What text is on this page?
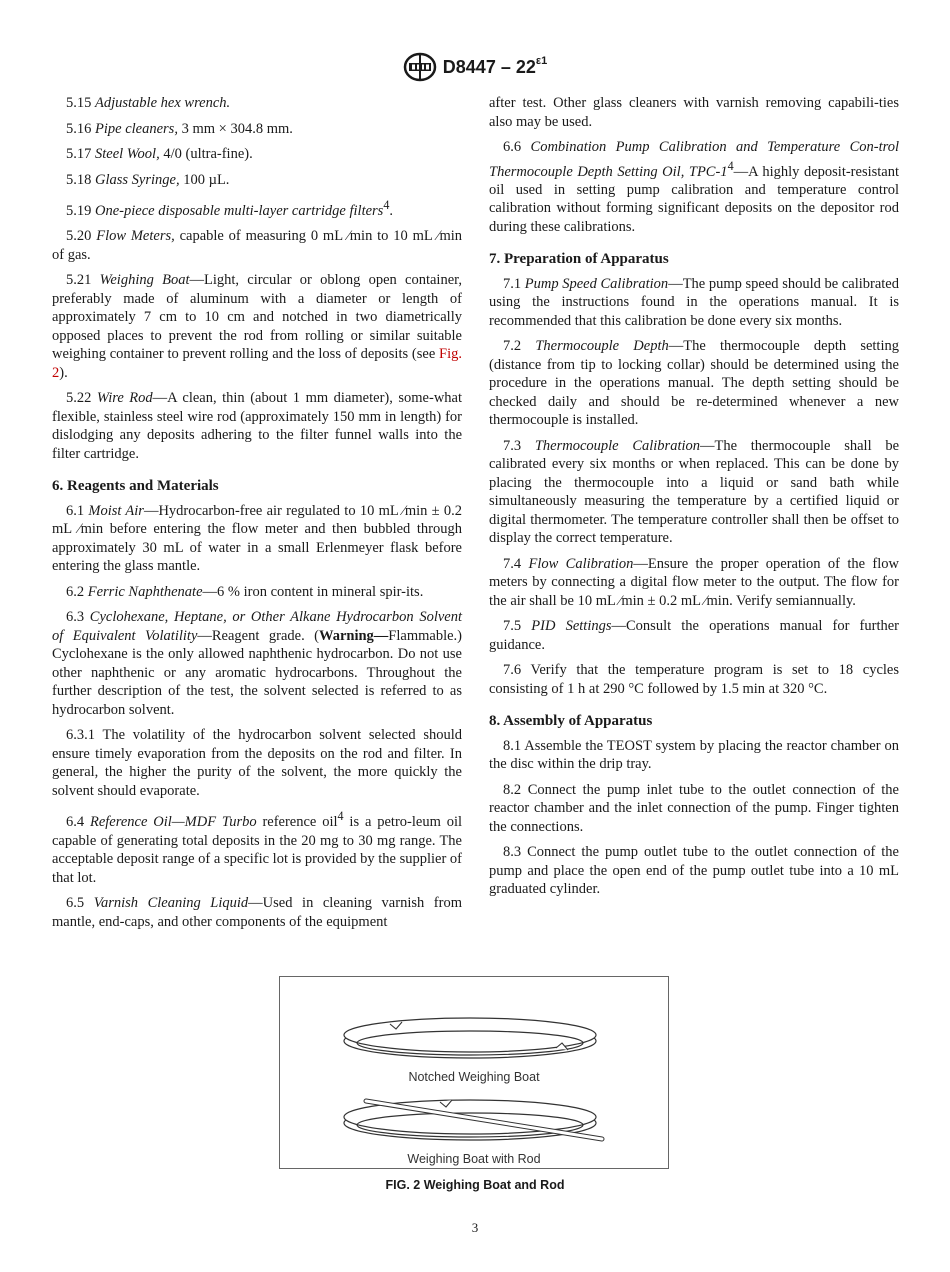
$D8447 - 22^{\varepsilon 1}$

5.15 Adjustable hex wrench.

5.16 Pipe cleaners, 3 mm × 304.8 mm.

5.17 Steel Wool, 4/0 (ultra-fine).

5.18 Glass Syringe, 100 µL.

5.19 One-piece disposable multi-layer cartridge filters$^4$.

5.20 Flow Meters, capable of measuring 0 mL ⁄min to 10 mL ⁄min of gas.

5.21 Weighing Boat—Light, circular or oblong open container, preferably made of aluminum with a diameter or length of approximately 7 cm to 10 cm and notched in two diametrically opposed places to prevent the rod from rolling or similar suitable weighing container to prevent rolling and the loss of deposits (see Fig. 2).

5.22 Wire Rod—A clean, thin (about 1 mm diameter), some-what flexible, stainless steel wire rod (approximately 150 mm in length) for dislodging any deposits adhering to the filter funnel walls into the filter cartridge.

6. Reagents and Materials

6.1 Moist Air—Hydrocarbon-free air regulated to 10 mL ⁄min ± 0.2 mL ⁄min before entering the flow meter and then bubbled through approximately 30 mL of water in a small Erlenmeyer flask before entering the glass mantle.

6.2 Ferric Naphthenate—6 % iron content in mineral spir-its.

6.3 Cyclohexane, Heptane, or Other Alkane Hydrocarbon Solvent of Equivalent Volatility—Reagent grade. (Warning—Flammable.) Cyclohexane is the only allowed naphthenic hydrocarbon. Do not use other naphthenic or any aromatic hydrocarbons. Throughout the further description of the test, the solvent selected is referred to as hydrocarbon solvent.

6.3.1 The volatility of the hydrocarbon solvent selected should ensure timely evaporation from the deposits on the rod and filter. In general, the higher the purity of the solvent, the more quickly the solvent should evaporate.

6.4 Reference Oil—MDF Turbo reference oil$^4$ is a petro-leum oil capable of generating total deposits in the 20 mg to 30 mg range. The acceptable deposit range of a specific lot is provided by the supplier of that lot.

6.5 Varnish Cleaning Liquid—Used in cleaning varnish from mantle, end-caps, and other components of the equipment

after test. Other glass cleaners with varnish removing capabili-ties also may be used.

6.6 Combination Pump Calibration and Temperature Con-trol Thermocouple Depth Setting Oil, TPC-$1^4—A$ highly deposit-resistant oil used in setting pump calibration and temperature control calibration without forming significant deposits on the depositor rod during these calibrations.

7. Preparation of Apparatus

7.1 Pump Speed Calibration—The pump speed should be calibrated using the instructions found in the operations manual. It is recommended that this calibration be done every six months.

7.2 Thermocouple Depth—The thermocouple depth setting (distance from tip to locking collar) should be determined using the procedure in the operations manual. The depth setting should be checked daily and should be re-determined whenever a new thermocouple is installed.

7.3 Thermocouple Calibration—The thermocouple shall be calibrated every six months or when replaced. This can be done by placing the thermocouple into a liquid or sand bath while simultaneously measuring the temperature by a certified liquid or digital thermometer. The temperature controller shall then be offset to display the correct temperature.

7.4 Flow Calibration—Ensure the proper operation of the flow meters by connecting a digital flow meter to the output. The flow for the air shall be 10 mL ⁄min ± 0.2 mL ⁄min. Verify semiannually.

7.5 PID Settings—Consult the operations manual for further guidance.

7.6 Verify that the temperature program is set to 18 cycles consisting of 1 h at 290 °C followed by 1.5 min at 320 °C.

8. Assembly of Apparatus

8.1 Assemble the TEOST system by placing the reactor chamber on the disc within the drip tray.

8.2 Connect the pump inlet tube to the outlet connection of the reactor chamber and the inlet connection of the pump. Finger tighten the connections.

8.3 Connect the pump outlet tube to the outlet connection of the pump and place the open end of the pump outlet tube into a 10 mL graduated cylinder.

Notched Weighing Boat
Weighing Boat with Rod
FIG. 2 Weighing Boat and Rod
3
